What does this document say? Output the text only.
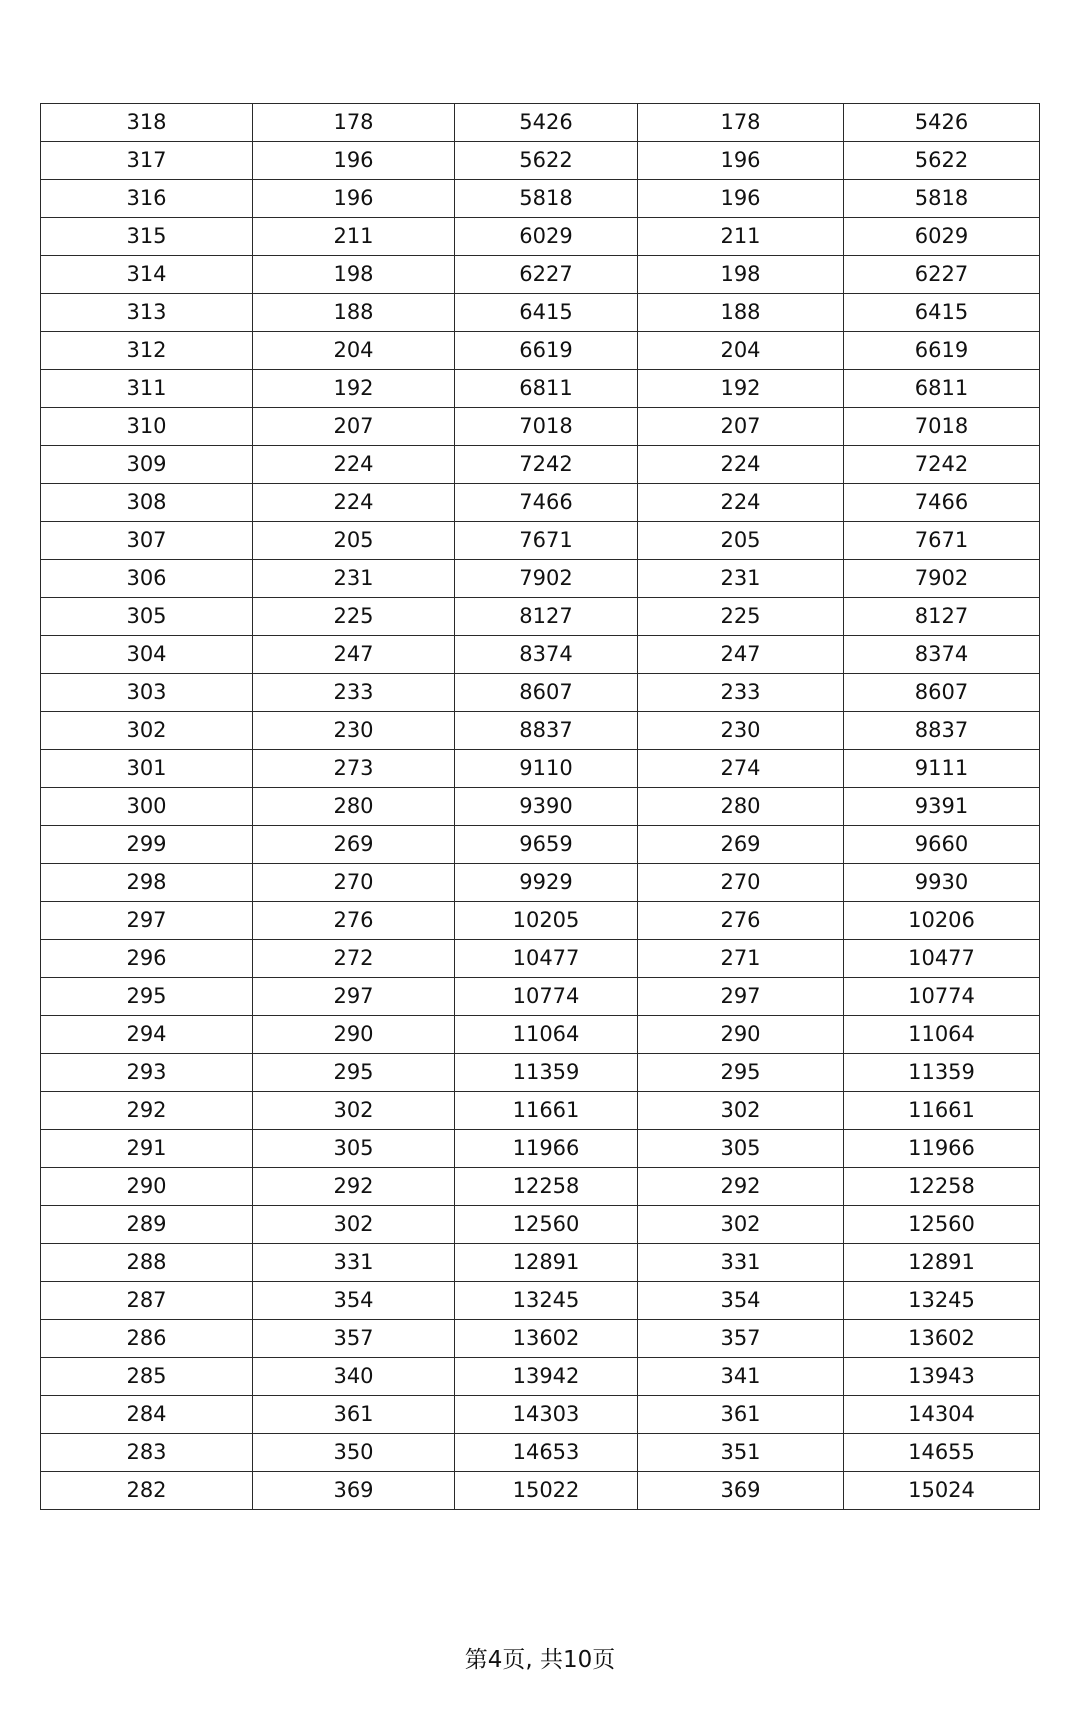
318	178	5426	178	5426
317	196	5622	196	5622
316	196	5818	196	5818
315	211	6029	211	6029
314	198	6227	198	6227
313	188	6415	188	6415
312	204	6619	204	6619
311	192	6811	192	6811
310	207	7018	207	7018
309	224	7242	224	7242
308	224	7466	224	7466
307	205	7671	205	7671
306	231	7902	231	7902
305	225	8127	225	8127
304	247	8374	247	8374
303	233	8607	233	8607
302	230	8837	230	8837
301	273	9110	274	9111
300	280	9390	280	9391
299	269	9659	269	9660
298	270	9929	270	9930
297	276	10205	276	10206
296	272	10477	271	10477
295	297	10774	297	10774
294	290	11064	290	11064
293	295	11359	295	11359
292	302	11661	302	11661
291	305	11966	305	11966
290	292	12258	292	12258
289	302	12560	302	12560
288	331	12891	331	12891
287	354	13245	354	13245
286	357	13602	357	13602
285	340	13942	341	13943
284	361	14303	361	14304
283	350	14653	351	14655
282	369	15022	369	15024
第4页, 共10页
